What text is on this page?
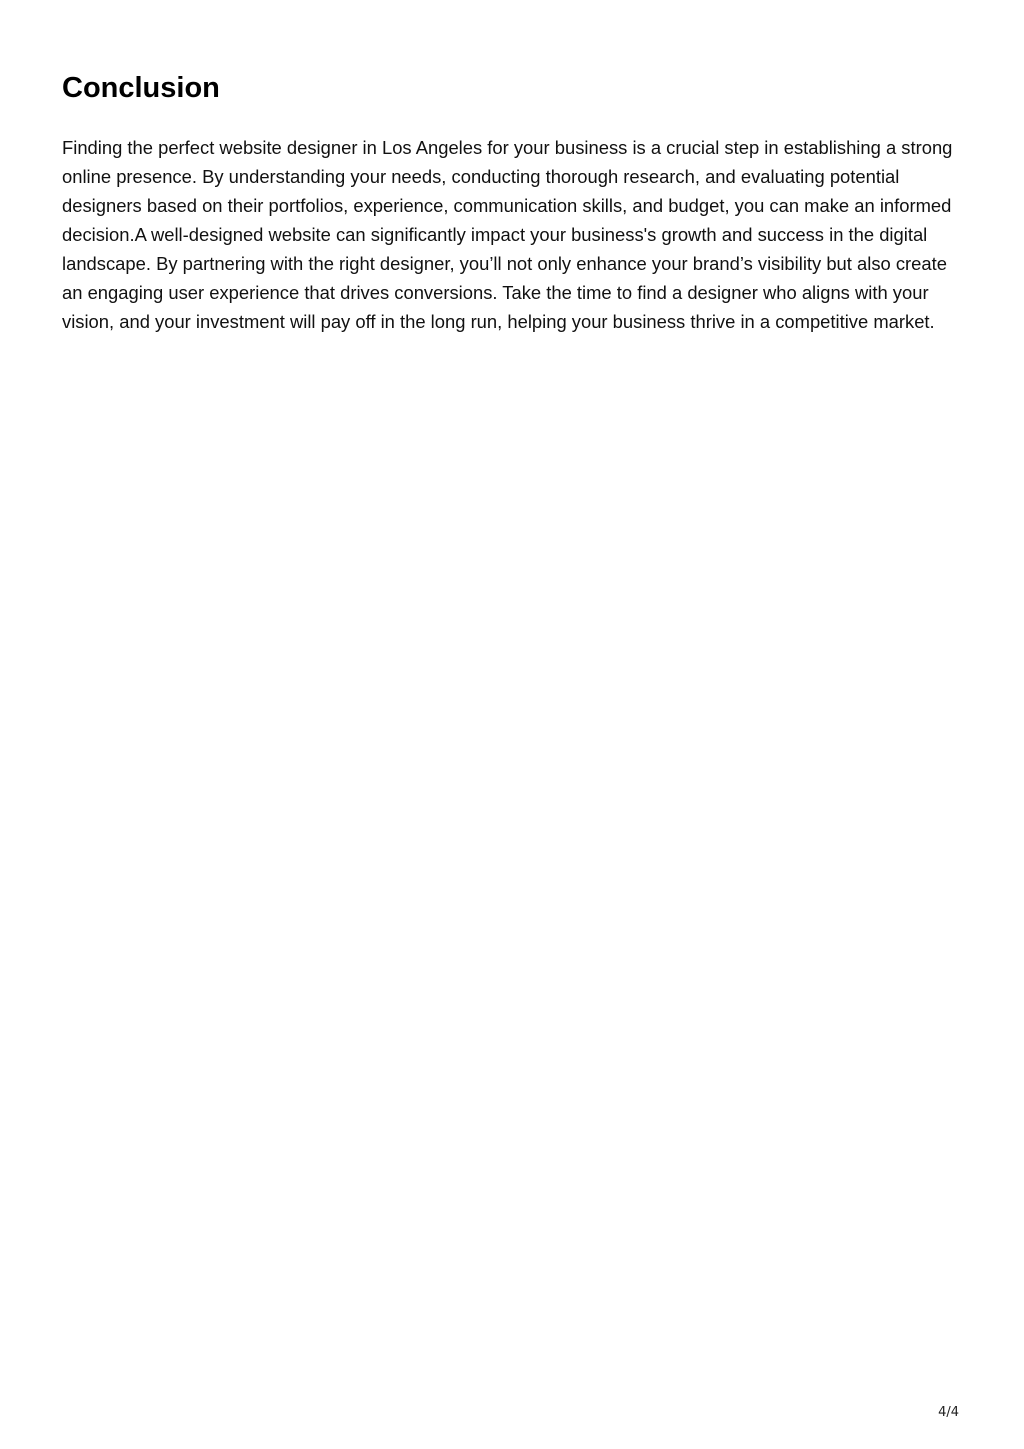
Conclusion

Finding the perfect website designer in Los Angeles for your business is a crucial step in establishing a strong online presence. By understanding your needs, conducting thorough research, and evaluating potential designers based on their portfolios, experience, communication skills, and budget, you can make an informed decision.A well-designed website can significantly impact your business's growth and success in the digital landscape. By partnering with the right designer, you’ll not only enhance your brand’s visibility but also create an engaging user experience that drives conversions. Take the time to find a designer who aligns with your vision, and your investment will pay off in the long run, helping your business thrive in a competitive market.

4/4
